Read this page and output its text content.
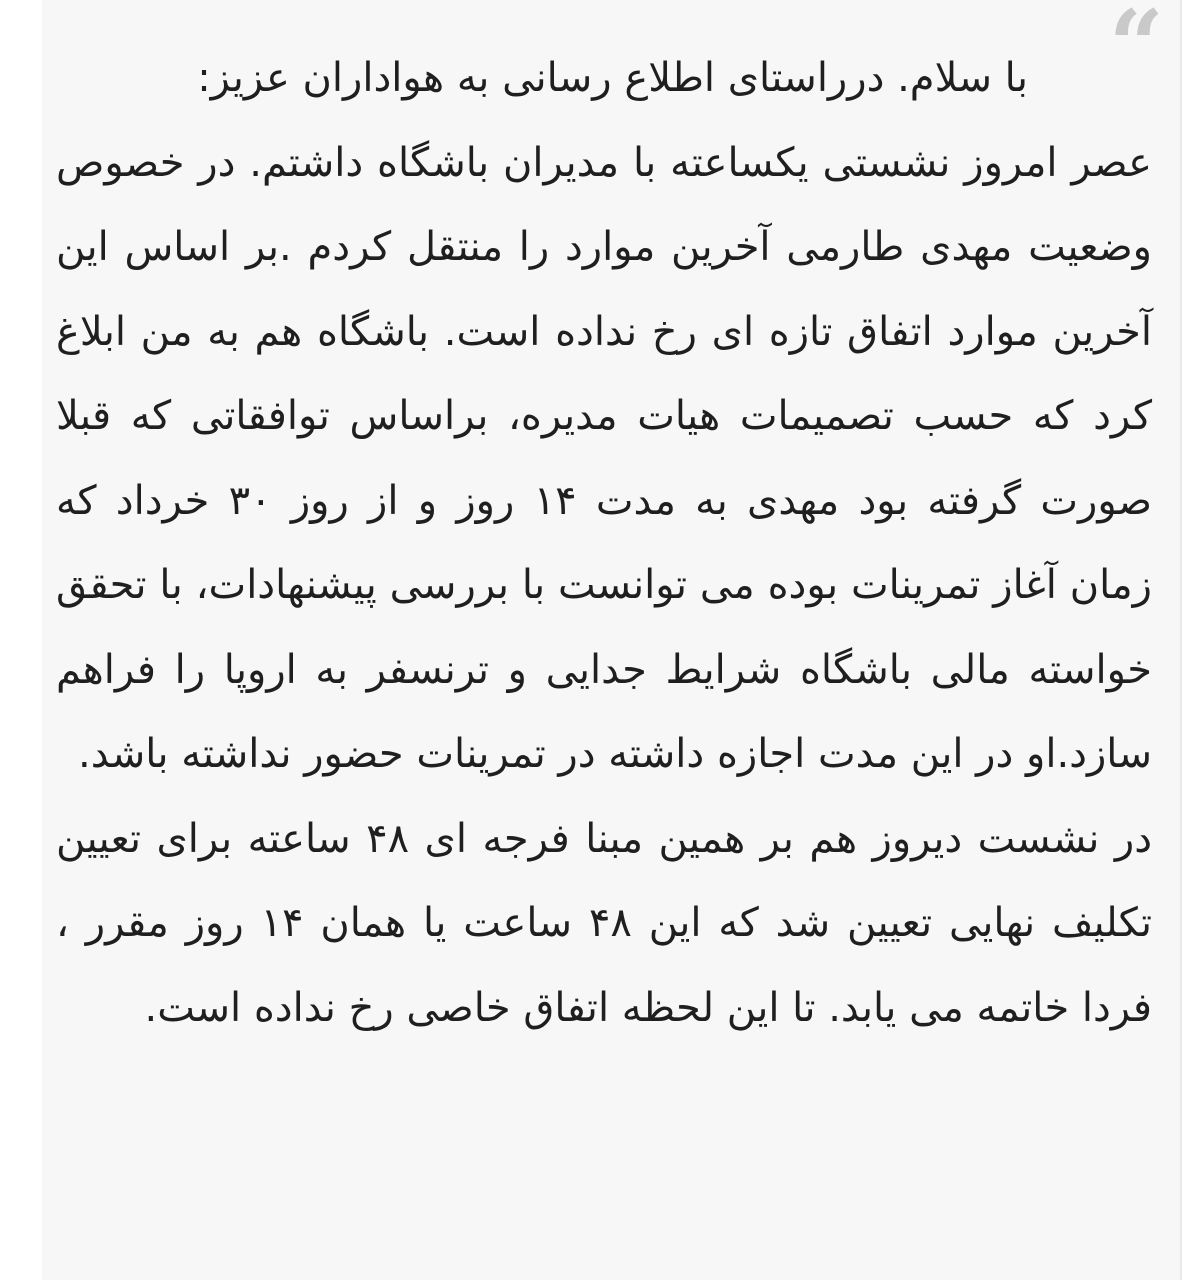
“

با سلام. درراستای اطلاع رسانی به هواداران عزیز:

عصر امروز نشستی یکساعته با مدیران باشگاه داشتم. در خصوص وضعیت مهدی طارمی آخرین موارد را منتقل کردم .بر اساس این آخرین موارد اتفاق تازه ای رخ نداده است. باشگاه هم به من ابلاغ کرد که حسب تصمیمات هیات مدیره، براساس توافقاتی که قبلا صورت گرفته بود مهدی به مدت ۱۴ روز و از روز ۳۰ خرداد که زمان آغاز تمرینات بوده می توانست با بررسی پیشنهادات، با تحقق خواسته مالی باشگاه شرایط جدایی و ترنسفر به اروپا را فراهم سازد.او در این مدت اجازه داشته در تمرینات حضور نداشته باشد.

در نشست دیروز هم بر همین مبنا فرجه ای ۴۸ ساعته برای تعیین تکلیف نهایی تعیین شد که این ۴۸ ساعت یا همان ۱۴ روز مقرر ، فردا خاتمه می یابد. تا این لحظه اتفاق خاصی رخ نداده است.
